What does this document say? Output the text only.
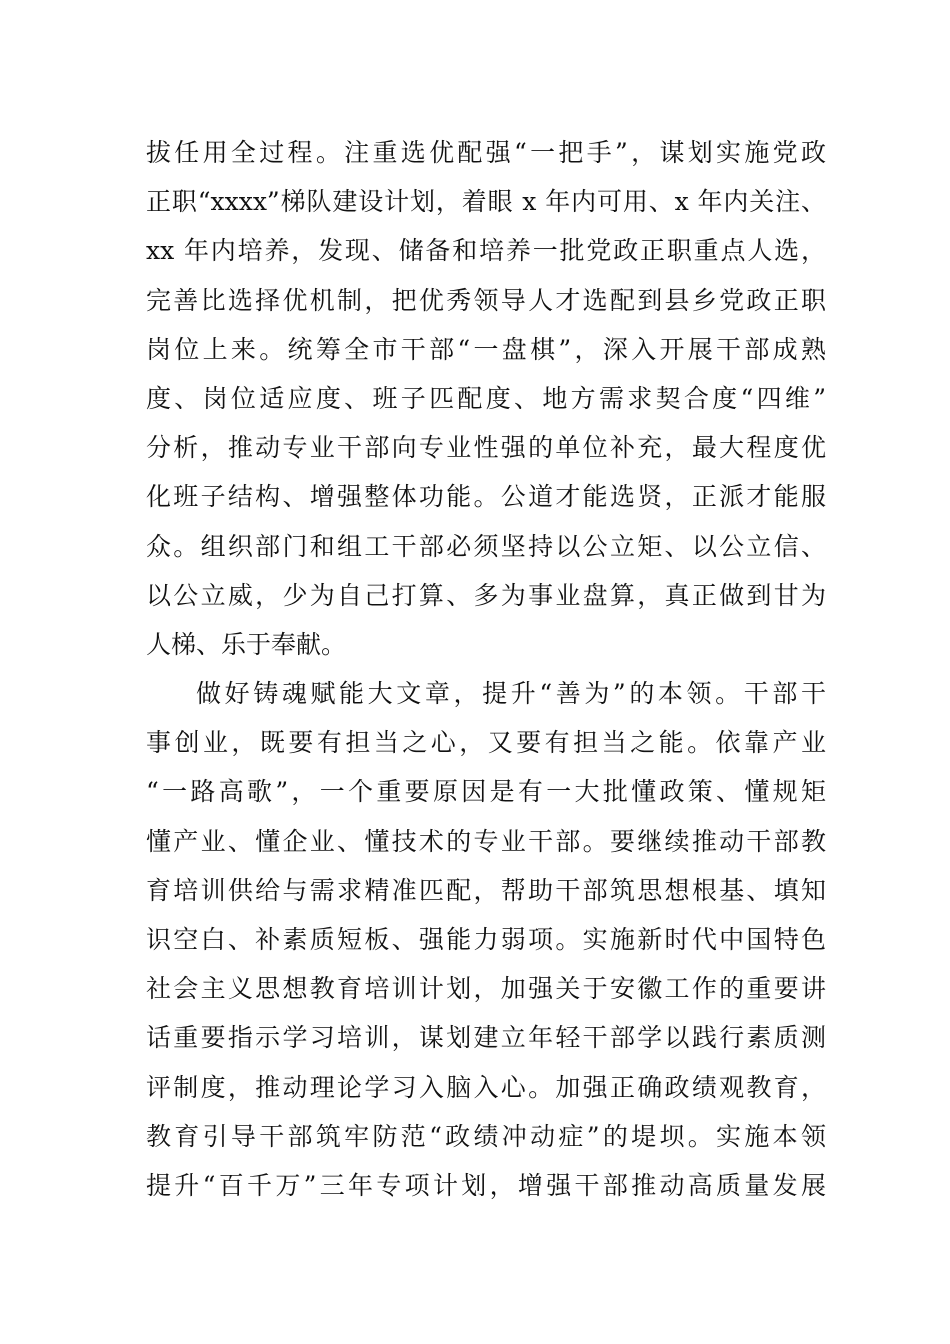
拔任用全过程。注重选优配强“一把手”，谋划实施党政
正职“xxxx”梯队建设计划，着眼 x 年内可用、x 年内关注、
xx 年内培养，发现、储备和培养一批党政正职重点人选，
完善比选择优机制，把优秀领导人才选配到县乡党政正职
岗位上来。统筹全市干部“一盘棋”，深入开展干部成熟
度、岗位适应度、班子匹配度、地方需求契合度“四维”
分析，推动专业干部向专业性强的单位补充，最大程度优
化班子结构、增强整体功能。公道才能选贤，正派才能服
众。组织部门和组工干部必须坚持以公立矩、以公立信、
以公立威，少为自己打算、多为事业盘算，真正做到甘为
人梯、乐于奉献。
做好铸魂赋能大文章，提升“善为”的本领。干部干
事创业，既要有担当之心，又要有担当之能。依靠产业
“一路高歌”，一个重要原因是有一大批懂政策、懂规矩
懂产业、懂企业、懂技术的专业干部。要继续推动干部教
育培训供给与需求精准匹配，帮助干部筑思想根基、填知
识空白、补素质短板、强能力弱项。实施新时代中国特色
社会主义思想教育培训计划，加强关于安徽工作的重要讲
话重要指示学习培训，谋划建立年轻干部学以践行素质测
评制度，推动理论学习入脑入心。加强正确政绩观教育，
教育引导干部筑牢防范“政绩冲动症”的堤坝。实施本领
提升“百千万”三年专项计划，增强干部推动高质量发展
